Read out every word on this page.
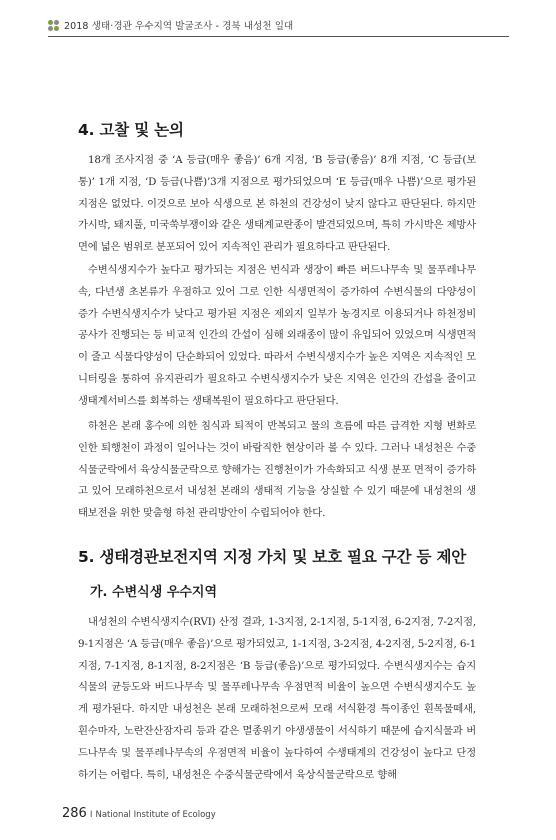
2018 생태·경관 우수지역 발굴조사 - 경북 내성천 일대
4. 고찰 및 논의

18개 조사지점 중 ‘A 등급(매우 좋음)’ 6개 지점, ‘B 등급(좋음)’ 8개 지점, ‘C 등급(보통)’ 1개 지점, ‘D 등급(나쁨)’3개 지점으로 평가되었으며 ‘E 등급(매우 나쁨)’으로 평가된 지점은 없었다. 이것으로 보아 식생으로 본 하천의 건강성이 낮지 않다고 판단된다. 하지만 가시박, 돼지풀, 미국쑥부쟁이와 같은 생태계교란종이 발견되었으며, 특히 가시박은 제방사면에 넓은 범위로 분포되어 있어 지속적인 관리가 필요하다고 판단된다.

수변식생지수가 높다고 평가되는 지점은 번식과 생장이 빠른 버드나무속 및 물푸레나무속, 다년생 초본류가 우점하고 있어 그로 인한 식생면적이 증가하여 수변식물의 다양성이 증가 수변식생지수가 낮다고 평가된 지점은 제외지 일부가 농경지로 이용되거나 하천정비공사가 진행되는 등 비교적 인간의 간섭이 심해 외래종이 많이 유입되어 있었으며 식생면적이 줄고 식물다양성이 단순화되어 있었다. 따라서 수변식생지수가 높은 지역은 지속적인 모니터링을 통하여 유지관리가 필요하고 수변식생지수가 낮은 지역은 인간의 간섭을 줄이고 생태계서비스를 회복하는 생태복원이 필요하다고 판단된다.

하천은 본래 홍수에 의한 침식과 퇴적이 반복되고 물의 흐름에 따른 급격한 지형 변화로 인한 퇴행천이 과정이 일어나는 것이 바람직한 현상이라 볼 수 있다. 그러나 내성천은 수중식물군락에서 육상식물군락으로 향해가는 진행천이가 가속화되고 식생 분포 면적이 증가하고 있어 모래하천으로서 내성천 본래의 생태적 기능을 상실할 수 있기 때문에 내성천의 생태보전을 위한 맞춤형 하천 관리방안이 수립되어야 한다.

5. 생태경관보전지역 지정 가치 및 보호 필요 구간 등 제안
가. 수변식생 우수지역

내성천의 수변식생지수(RVI) 산정 결과, 1-3지점, 2-1지점, 5-1지점, 6-2지점, 7-2지점, 9-1지점은 ‘A 등급(매우 좋음)’으로 평가되었고, 1-1지점, 3-2지점, 4-2지점, 5-2지점, 6-1지점, 7-1지점, 8-1지점, 8-2지점은 ‘B 등급(좋음)’으로 평가되었다. 수변식생지수는 습지식물의 균등도와 버드나무속 및 물푸레나무속 우점면적 비율이 높으면 수변식생지수도 높게 평가된다. 하지만 내성천은 본래 모래하천으로써 모래 서식환경 특이종인 흰목물떼새, 흰수마자, 노란잔산잠자리 등과 같은 멸종위기 야생생물이 서식하기 때문에 습지식물과 버드나무속 및 물푸레나무속의 우점면적 비율이 높다하여 수생태계의 건강성이 높다고 단정하기는 어렵다. 특히, 내성천은 수중식물군락에서 육상식물군락으로 향해

286 I National Institute of Ecology
